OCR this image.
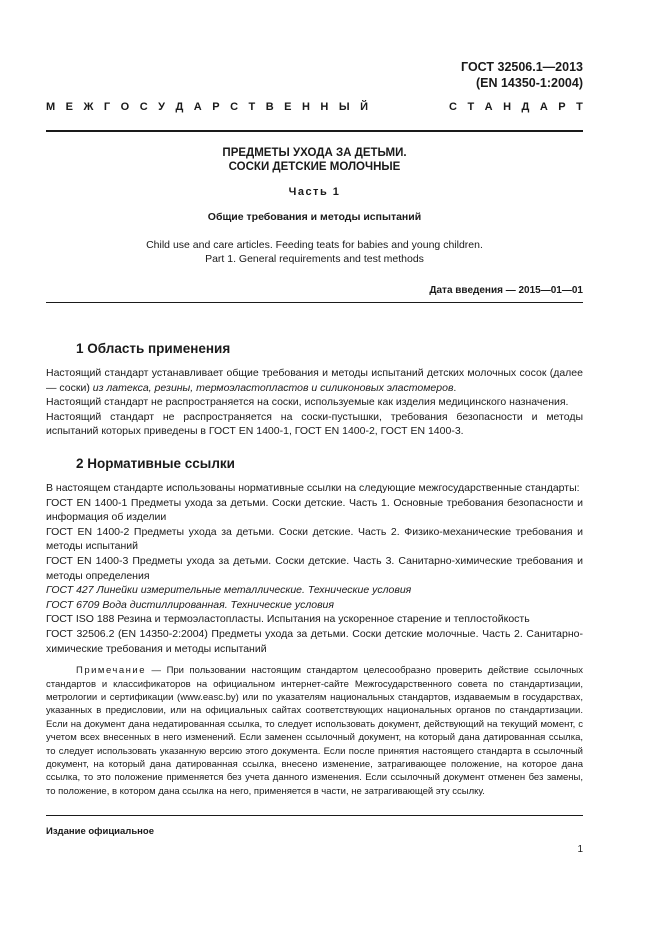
ГОСТ 32506.1—2013
(EN 14350-1:2004)
М Е Ж Г О С У Д А Р С Т В Е Н Н Ы Й	С Т А Н Д А Р Т
ПРЕДМЕТЫ УХОДА ЗА ДЕТЬМИ.
СОСКИ ДЕТСКИЕ МОЛОЧНЫЕ
Часть 1
Общие требования и методы испытаний
Child use and care articles. Feeding teats for babies and young children.
Part 1. General requirements and test methods
Дата введения — 2015—01—01
1 Область применения

Настоящий стандарт устанавливает общие требования и методы испытаний детских молочных сосок (далее — соски) из латекса, резины, термоэластопластов и силиконовых эластомеров.

Настоящий стандарт не распространяется на соски, используемые как изделия медицинского назначения.

Настоящий стандарт не распространяется на соски-пустышки, требования безопасности и методы испытаний которых приведены в ГОСТ EN 1400-1, ГОСТ EN 1400-2, ГОСТ EN 1400-3.

2 Нормативные ссылки

В настоящем стандарте использованы нормативные ссылки на следующие межгосударственные стандарты:

ГОСТ EN 1400-1 Предметы ухода за детьми. Соски детские. Часть 1. Основные требования безопасности и информация об изделии

ГОСТ EN 1400-2 Предметы ухода за детьми. Соски детские. Часть 2. Физико-механические требования и методы испытаний

ГОСТ EN 1400-3 Предметы ухода за детьми. Соски детские. Часть 3. Санитарно-химические требования и методы определения

ГОСТ 427 Линейки измерительные металлические. Технические условия

ГОСТ 6709 Вода дистиллированная. Технические условия

ГОСТ ISO 188 Резина и термоэластопласты. Испытания на ускоренное старение и теплостойкость

ГОСТ 32506.2 (EN 14350-2:2004) Предметы ухода за детьми. Соски детские молочные. Часть 2. Санитарно-химические требования и методы испытаний

Примечание — При пользовании настоящим стандартом целесообразно проверить действие ссылочных стандартов и классификаторов на официальном интернет-сайте Межгосударственного совета по стандартизации, метрологии и сертификации (www.easc.by) или по указателям национальных стандартов, издаваемым в государствах, указанных в предисловии, или на официальных сайтах соответствующих национальных органов по стандартизации. Если на документ дана недатированная ссылка, то следует использовать документ, действующий на текущий момент, с учетом всех внесенных в него изменений. Если заменен ссылочный документ, на который дана датированная ссылка, то следует использовать указанную версию этого документа. Если после принятия настоящего стандарта в ссылочный документ, на который дана датированная ссылка, внесено изменение, затрагивающее положение, на которое дана ссылка, то это положение применяется без учета данного изменения. Если ссылочный документ отменен без замены, то положение, в котором дана ссылка на него, применяется в части, не затрагивающей эту ссылку.

Издание официальное
1
